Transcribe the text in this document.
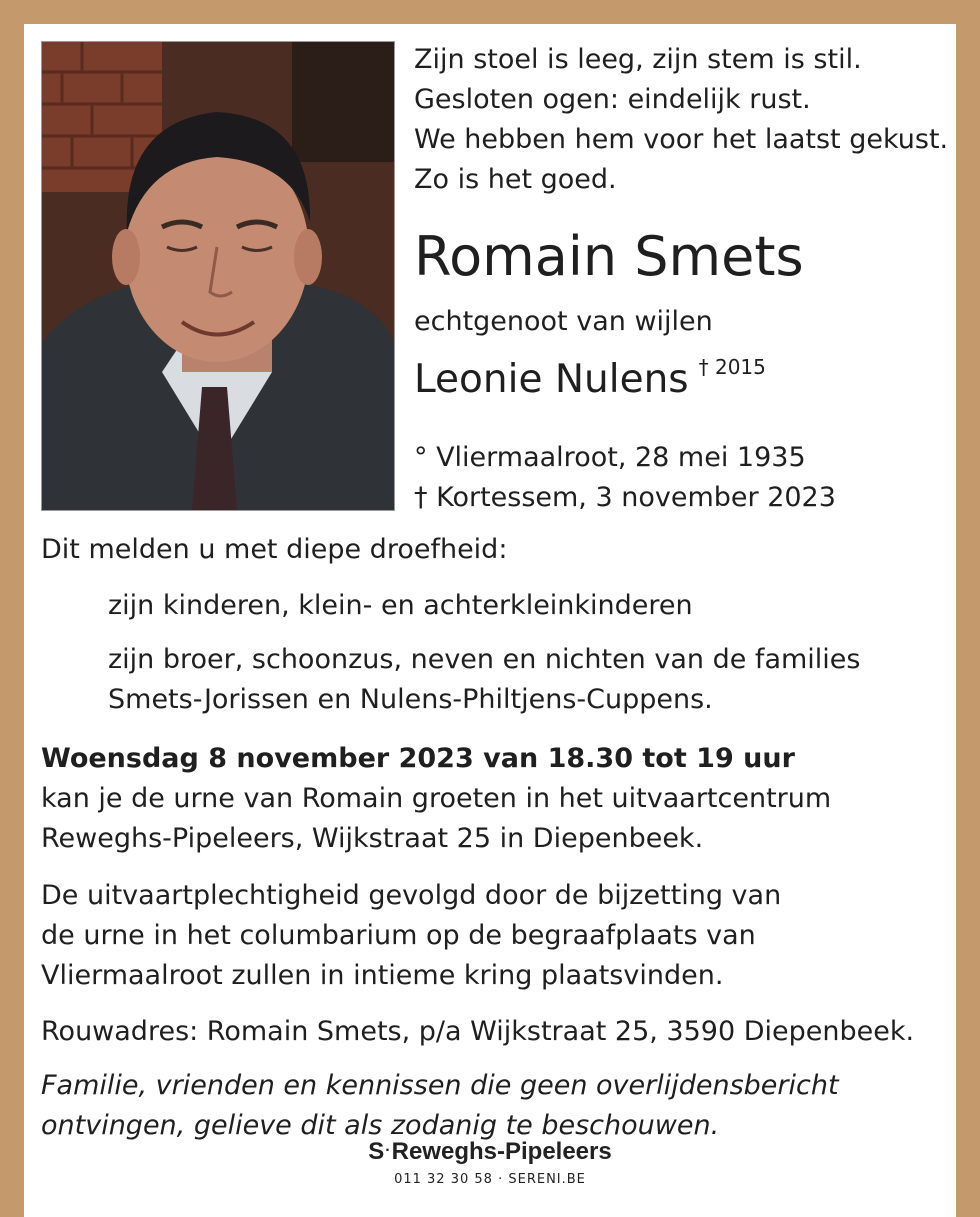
Zijn stoel is leeg, zijn stem is stil.
Gesloten ogen: eindelijk rust.
We hebben hem voor het laatst gekust.
Zo is het goed.
Romain Smets
echtgenoot van wijlen
Leonie Nulens $^{\dagger 2015}$
° Vliermaalroot, 28 mei 1935
† Kortessem, 3 november 2023
Dit melden u met diepe droefheid:
zijn kinderen, klein- en achterkleinkinderen
zijn broer, schoonzus, neven en nichten van de families
Smets-Jorissen en Nulens-Philtjens-Cuppens.
Woensdag 8 november 2023 van 18.30 tot 19 uur
kan je de urne van Romain groeten in het uitvaartcentrum
Reweghs-Pipeleers, Wijkstraat 25 in Diepenbeek.
De uitvaartplechtigheid gevolgd door de bijzetting van
de urne in het columbarium op de begraafplaats van
Vliermaalroot zullen in intieme kring plaatsvinden.
Rouwadres: Romain Smets, p/a Wijkstraat 25, 3590 Diepenbeek.
Familie, vrienden en kennissen die geen overlijdensbericht
ontvingen, gelieve dit als zodanig te beschouwen.
S·Reweghs-Pipeleers
011 32 30 58 · SERENI.BE
